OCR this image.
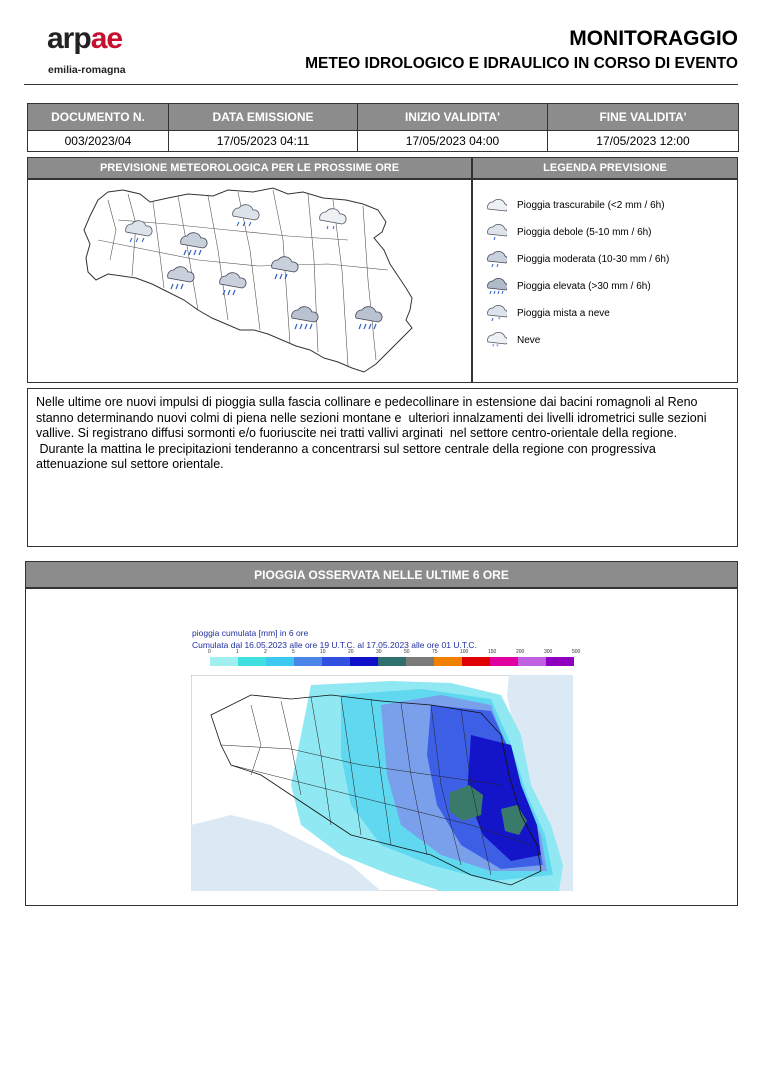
arpae
emilia-romagna
MONITORAGGIO
METEO IDROLOGICO E IDRAULICO IN CORSO DI EVENTO
DOCUMENTO N.	DATA EMISSIONE	INIZIO VALIDITA'	FINE VALIDITA'
003/2023/04	17/05/2023 04:11	17/05/2023 04:00	17/05/2023 12:00
PREVISIONE METEOROLOGICA PER LE PROSSIME ORE	LEGENDA PREVISIONE
Pioggia trascurabile (<2 mm / 6h)
Pioggia debole (5-10 mm / 6h)
Pioggia moderata (10-30 mm / 6h)
Pioggia elevata (>30 mm / 6h)
*
Pioggia mista a neve
* *
Neve

Nelle ultime ore nuovi impulsi di pioggia sulla fascia collinare e pedecollinare in estensione dai bacini romagnoli al Reno stanno determinando nuovi colmi di piena nelle sezioni montane e  ulteriori innalzamenti dei livelli idrometrici sulle sezioni vallive. Si registrano diffusi sormonti e/o fuoriuscite nei tratti vallivi arginati  nel settore centro-orientale della regione.
Durante la mattina le precipitazioni tenderanno a concentrarsi sul settore centrale della regione con progressiva attenuazione sul settore orientale.

PIOGGIA OSSERVATA NELLE ULTIME 6 ORE
pioggia cumulata [mm] in 6 ore
Cumulata dal 16.05.2023 alle ore 19 U.T.C. al 17.05.2023 alle ore 01 U.T.C.
0	1	2	5	10	20	30	50	75	100	150	200	300	500
